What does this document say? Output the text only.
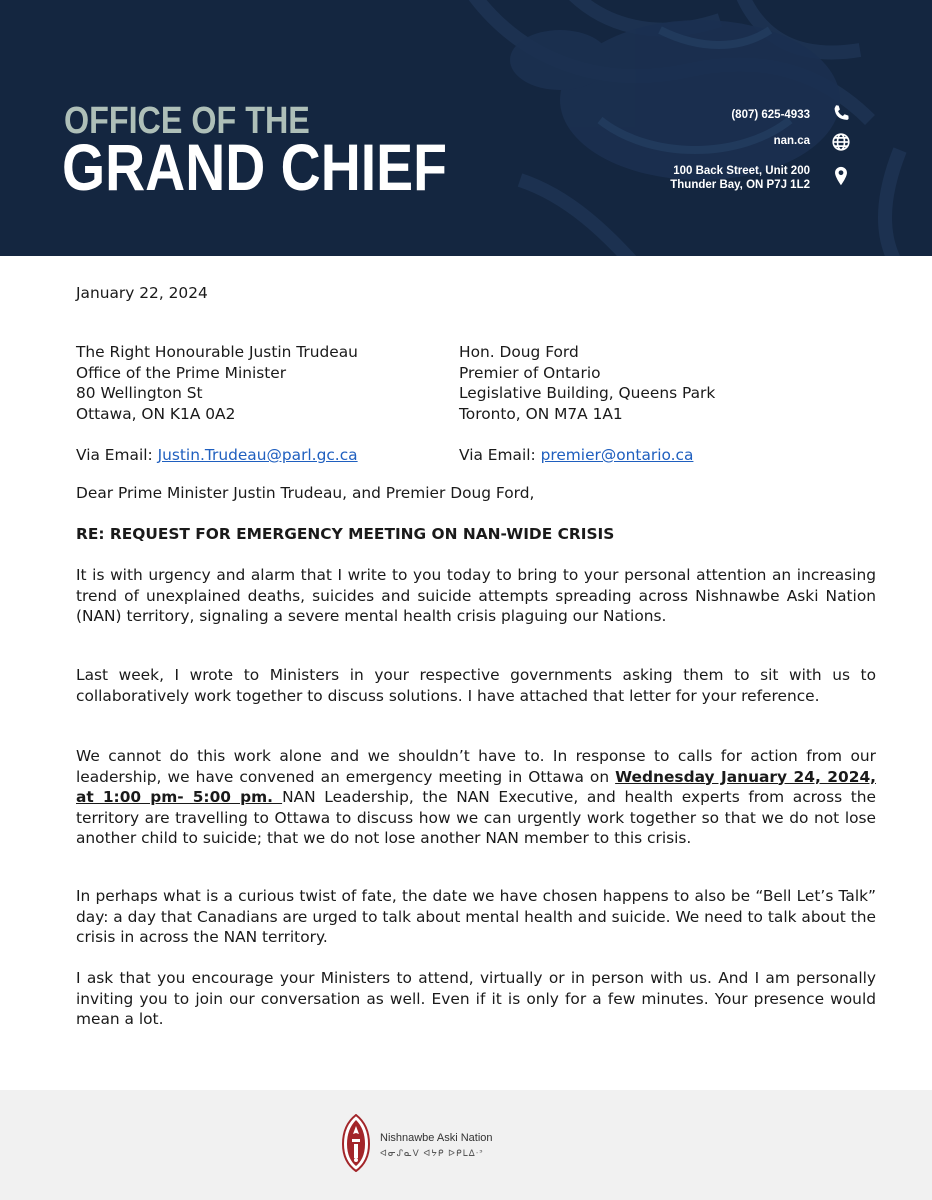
OFFICE OF THE
GRAND CHIEF
(807) 625-4933
nan.ca
100 Back Street, Unit 200
Thunder Bay, ON P7J 1L2

January 22, 2024

The Right Honourable Justin Trudeau
Office of the Prime Minister
80 Wellington St
Ottawa, ON K1A 0A2
Via Email: Justin.Trudeau@parl.gc.ca
Hon. Doug Ford
Premier of Ontario
Legislative Building, Queens Park
Toronto, ON M7A 1A1
Via Email: premier@ontario.ca

Dear Prime Minister Justin Trudeau, and Premier Doug Ford,

RE: REQUEST FOR EMERGENCY MEETING ON NAN-WIDE CRISIS

It is with urgency and alarm that I write to you today to bring to your personal attention an increasing trend of unexplained deaths, suicides and suicide attempts spreading across Nishnawbe Aski Nation (NAN) territory, signaling a severe mental health crisis plaguing our Nations.

Last week, I wrote to Ministers in your respective governments asking them to sit with us to collaboratively work together to discuss solutions. I have attached that letter for your reference.

We cannot do this work alone and we shouldn’t have to. In response to calls for action from our leadership, we have convened an emergency meeting in Ottawa on Wednesday January 24, 2024, at 1:00 pm- 5:00 pm. NAN Leadership, the NAN Executive, and health experts from across the territory are travelling to Ottawa to discuss how we can urgently work together so that we do not lose another child to suicide; that we do not lose another NAN member to this crisis.

In perhaps what is a curious twist of fate, the date we have chosen happens to also be “Bell Let’s Talk” day: a day that Canadians are urged to talk about mental health and suicide. We need to talk about the crisis in across the NAN territory.

I ask that you encourage your Ministers to attend, virtually or in person with us. And I am personally inviting you to join our conversation as well. Even if it is only for a few minutes. Your presence would mean a lot.

Nishnawbe Aski Nation

ᐊᓂᔑᓇᐯ ᐊᔭᑭ ᐅᑭᒪᐃᐧᐣ
